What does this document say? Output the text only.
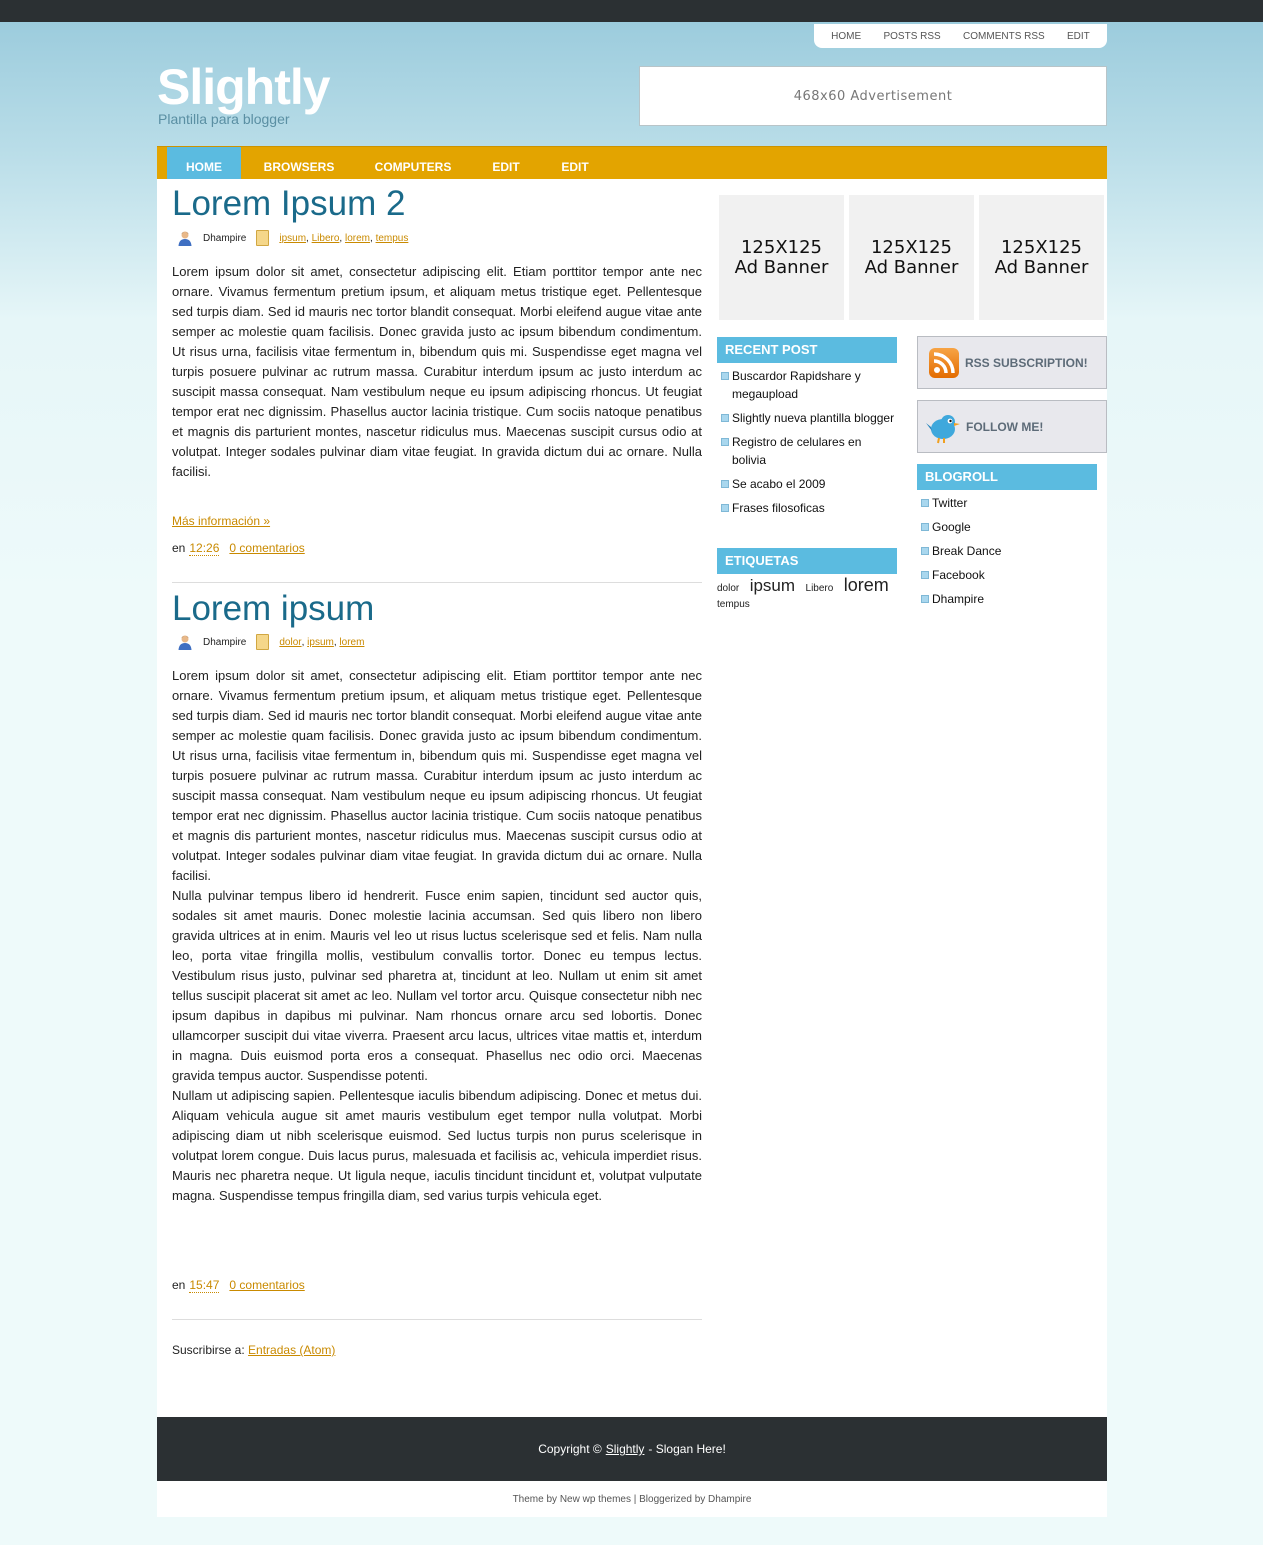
HOME POSTS RSS COMMENTS RSS EDIT
Slightly
Plantilla para blogger
468x60 Advertisement
HOME	BROWSERS	COMPUTERS	EDIT	EDIT
Lorem Ipsum 2
Dhampire	ipsum , Libero , lorem , tempus

Lorem ipsum dolor sit amet, consectetur adipiscing elit. Etiam porttitor tempor ante nec ornare. Vivamus fermentum pretium ipsum, et aliquam metus tristique eget. Pellentesque sed turpis diam. Sed id mauris nec tortor blandit consequat. Morbi eleifend augue vitae ante semper ac molestie quam facilisis. Donec gravida justo ac ipsum bibendum condimentum. Ut risus urna, facilisis vitae fermentum in, bibendum quis mi. Suspendisse eget magna vel turpis posuere pulvinar ac rutrum massa. Curabitur interdum ipsum ac justo interdum ac suscipit massa consequat. Nam vestibulum neque eu ipsum adipiscing rhoncus. Ut feugiat tempor erat nec dignissim. Phasellus auctor lacinia tristique. Cum sociis natoque penatibus et magnis dis parturient montes, nascetur ridiculus mus. Maecenas suscipit cursus odio at volutpat. Integer sodales pulvinar diam vitae feugiat. In gravida dictum dui ac ornare. Nulla facilisi.

Más información »
en 12:26 0 comentarios
Lorem ipsum
Dhampire	dolor , ipsum , lorem

Lorem ipsum dolor sit amet, consectetur adipiscing elit. Etiam porttitor tempor ante nec ornare. Vivamus fermentum pretium ipsum, et aliquam metus tristique eget. Pellentesque sed turpis diam. Sed id mauris nec tortor blandit consequat. Morbi eleifend augue vitae ante semper ac molestie quam facilisis. Donec gravida justo ac ipsum bibendum condimentum. Ut risus urna, facilisis vitae fermentum in, bibendum quis mi. Suspendisse eget magna vel turpis posuere pulvinar ac rutrum massa. Curabitur interdum ipsum ac justo interdum ac suscipit massa consequat. Nam vestibulum neque eu ipsum adipiscing rhoncus. Ut feugiat tempor erat nec dignissim. Phasellus auctor lacinia tristique. Cum sociis natoque penatibus et magnis dis parturient montes, nascetur ridiculus mus. Maecenas suscipit cursus odio at volutpat. Integer sodales pulvinar diam vitae feugiat. In gravida dictum dui ac ornare. Nulla facilisi.

Nulla pulvinar tempus libero id hendrerit. Fusce enim sapien, tincidunt sed auctor quis, sodales sit amet mauris. Donec molestie lacinia accumsan. Sed quis libero non libero gravida ultrices at in enim. Mauris vel leo ut risus luctus scelerisque sed et felis. Nam nulla leo, porta vitae fringilla mollis, vestibulum convallis tortor. Donec eu tempus lectus. Vestibulum risus justo, pulvinar sed pharetra at, tincidunt at leo. Nullam ut enim sit amet tellus suscipit placerat sit amet ac leo. Nullam vel tortor arcu. Quisque consectetur nibh nec ipsum dapibus in dapibus mi pulvinar. Nam rhoncus ornare arcu sed lobortis. Donec ullamcorper suscipit dui vitae viverra. Praesent arcu lacus, ultrices vitae mattis et, interdum in magna. Duis euismod porta eros a consequat. Phasellus nec odio orci. Maecenas gravida tempus auctor. Suspendisse potenti.

Nullam ut adipiscing sapien. Pellentesque iaculis bibendum adipiscing. Donec et metus dui. Aliquam vehicula augue sit amet mauris vestibulum eget tempor nulla volutpat. Morbi adipiscing diam ut nibh scelerisque euismod. Sed luctus turpis non purus scelerisque in volutpat lorem congue. Duis lacus purus, malesuada et facilisis ac, vehicula imperdiet risus. Mauris nec pharetra neque. Ut ligula neque, iaculis tincidunt tincidunt et, volutpat vulputate magna. Suspendisse tempus fringilla diam, sed varius turpis vehicula eget.

en 15:47 0 comentarios
Suscribirse a: Entradas (Atom)
125X125
Ad Banner
125X125
Ad Banner
125X125
Ad Banner
RECENT POST
Buscardor Rapidshare y megaupload
Slightly nueva plantilla blogger
Registro de celulares en bolivia
Se acabo el 2009
Frases filosoficas
ETIQUETAS
dolor ipsum Libero lorem
$^{tempus}$
RSS SUBSCRIPTION!
FOLLOW ME!
BLOGROLL
Twitter
Google
Break Dance
Facebook
Dhampire
Copyright © Slightly - Slogan Here!
Theme by New wp themes | Bloggerized by Dhampire
